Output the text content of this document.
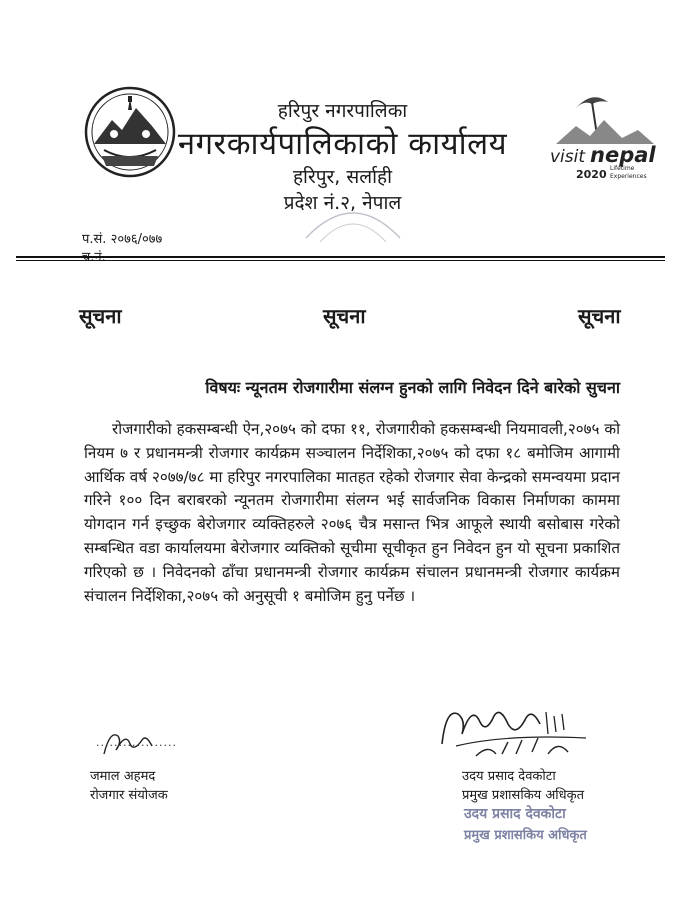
visit nepal
2020 Lifetime
Experiences
हरिपुर नगरपालिका
नगरकार्यपालिकाको कार्यालय
हरिपुर, सर्लाही
प्रदेश नं.२, नेपाल
प.सं. २०७६/०७७
सूचना	सूचना	सूचना
विषयः न्यूनतम रोजगारीमा संलग्न हुनको लागि निवेदन दिने बारेको सुचना
रोजगारीको हकसम्बन्धी ऐन,२०७५ को दफा ११, रोजगारीको हकसम्बन्धी नियमावली,२०७५ को नियम ७ र प्रधानमन्त्री रोजगार कार्यक्रम सञ्चालन निर्देशिका,२०७५ को दफा १८ बमोजिम आगामी आर्थिक वर्ष २०७७/७८ मा हरिपुर नगरपालिका मातहत रहेको रोजगार सेवा केन्द्रको समन्वयमा प्रदान गरिने १०० दिन बराबरको न्यूनतम रोजगारीमा संलग्न भई सार्वजनिक विकास निर्माणका काममा योगदान गर्न इच्छुक बेरोजगार व्यक्तिहरुले २०७६ चैत्र मसान्त भित्र आफूले स्थायी बसोबास गरेको सम्बन्धित वडा कार्यालयमा बेरोजगार व्यक्तिको सूचीमा सूचीकृत हुन निवेदन हुन यो सूचना प्रकाशित गरिएको छ । निवेदनको ढाँचा प्रधानमन्त्री रोजगार कार्यक्रम संचालन प्रधानमन्त्री रोजगार कार्यक्रम संचालन निर्देशिका,२०७५ को अनुसूची १ बमोजिम हुनु पर्नेछ ।
..................
जमाल अहमद
रोजगार संयोजक
उदय प्रसाद देवकोटा
प्रमुख प्रशासकिय अधिकृत
उदय प्रसाद देवकोटा
प्रमुख प्रशासकिय अधिकृत
